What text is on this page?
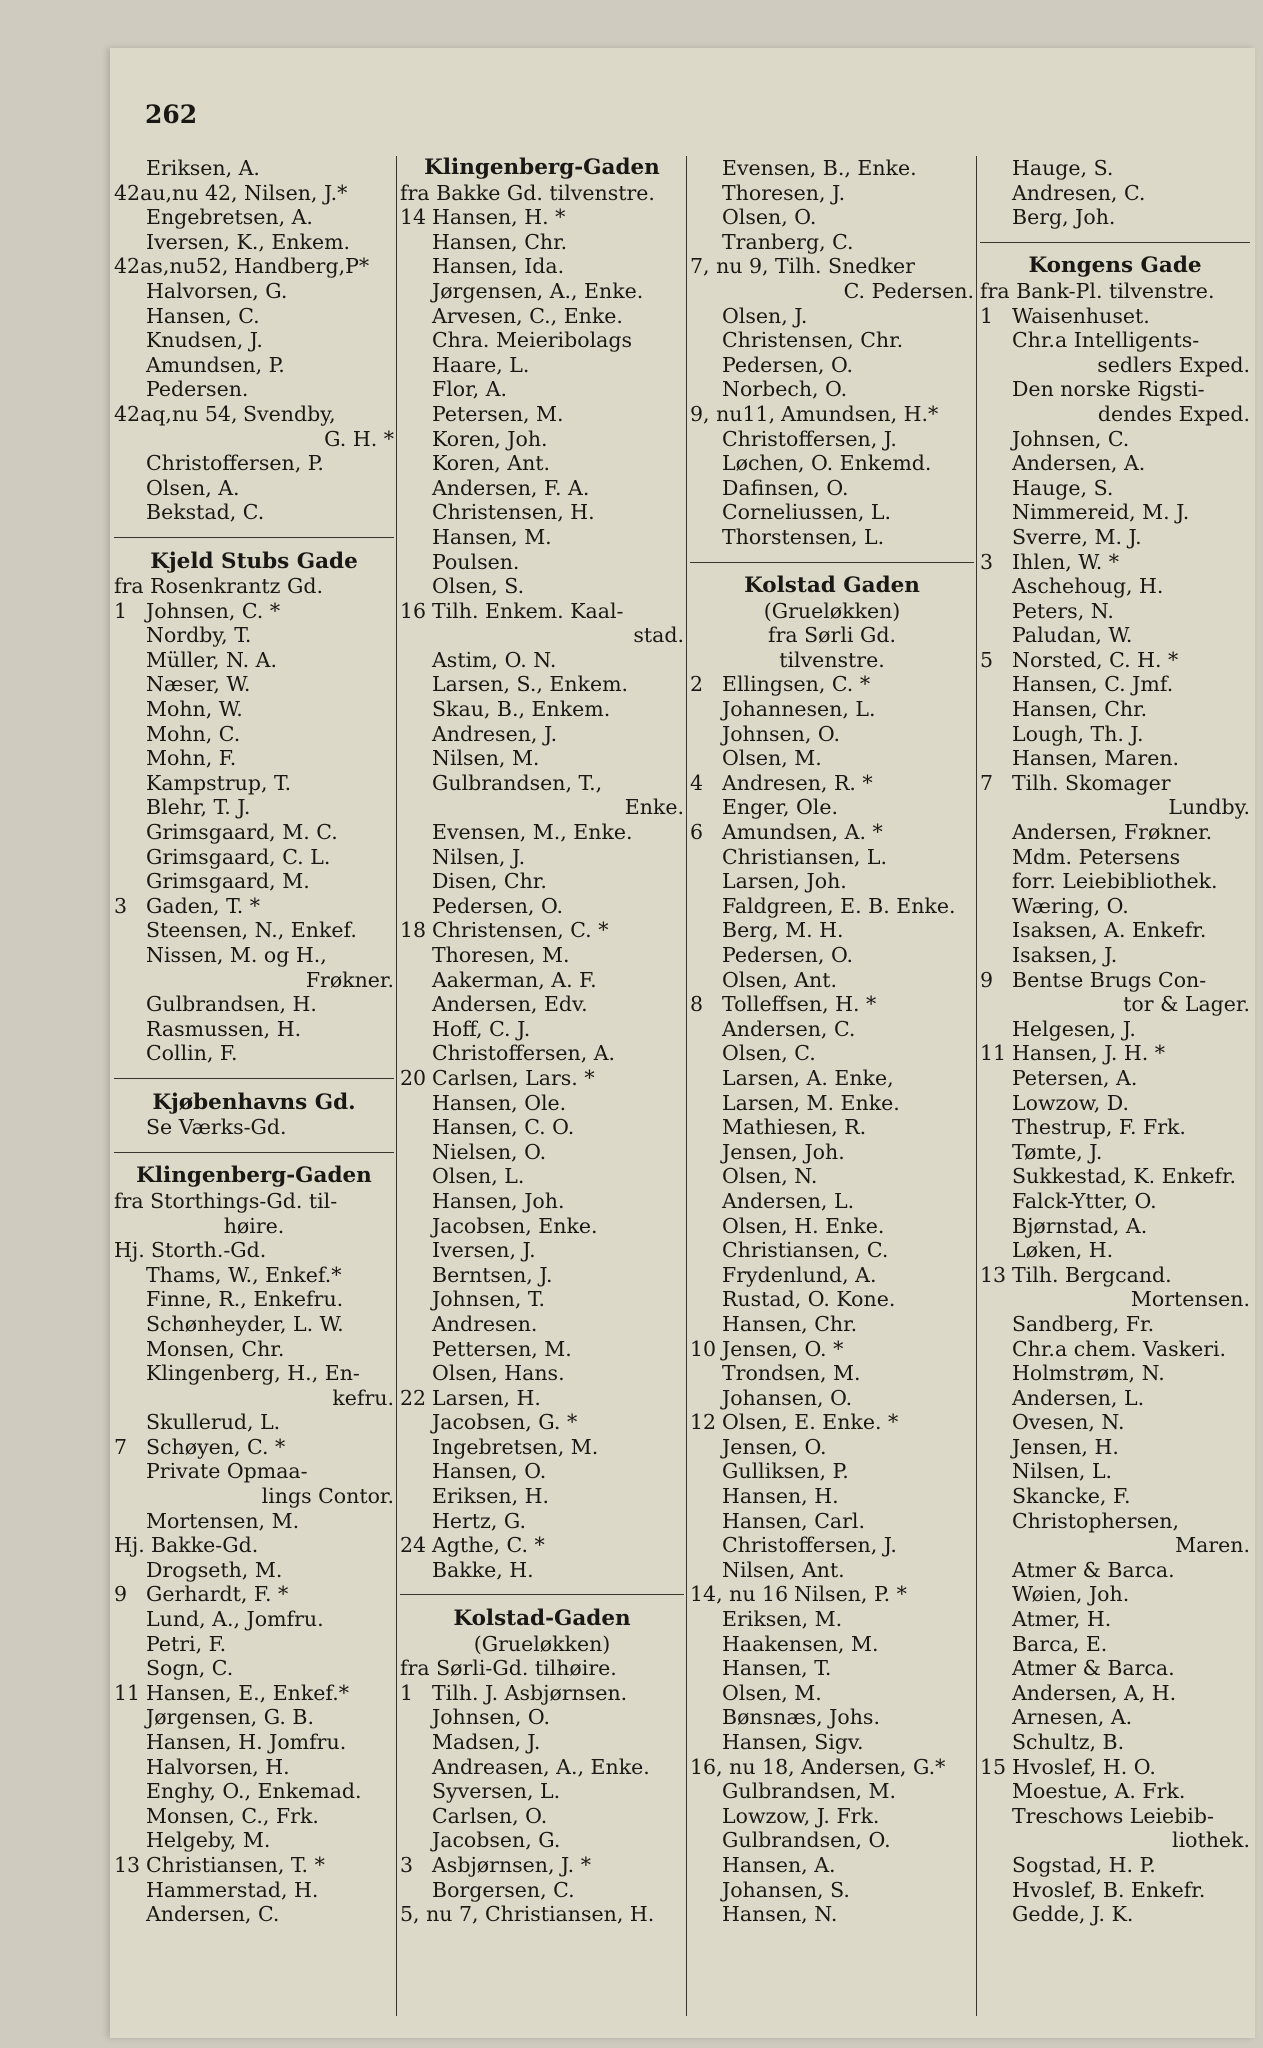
262
Eriksen, A.
42au,nu 42, Nilsen, J.*
Engebretsen, A.
Iversen, K., Enkem.
42as,nu52, Handberg,P*
Halvorsen, G.
Hansen, C.
Knudsen, J.
Amundsen, P.
Pedersen.
42aq,nu 54, Svendby,
G. H. *
Christoffersen, P.
Olsen, A.
Bekstad, C.
Kjeld Stubs Gade
fra Rosenkrantz Gd.
1 Johnsen, C. *
Nordby, T.
Müller, N. A.
Næser, W.
Mohn, W.
Mohn, C.
Mohn, F.
Kampstrup, T.
Blehr, T. J.
Grimsgaard, M. C.
Grimsgaard, C. L.
Grimsgaard, M.
3 Gaden, T. *
Steensen, N., Enkef.
Nissen, M. og H.,
Frøkner.
Gulbrandsen, H.
Rasmussen, H.
Collin, F.
Kjøbenhavns Gd.
Se Værks-Gd.
Klingenberg-Gaden
fra Storthings-Gd. til-
høire.
Hj. Storth.-Gd.
Thams, W., Enkef.*
Finne, R., Enkefru.
Schønheyder, L. W.
Monsen, Chr.
Klingenberg, H., En-
kefru.
Skullerud, L.
7 Schøyen, C. *
Private Opmaa-
lings Contor.
Mortensen, M.
Hj. Bakke-Gd.
Drogseth, M.
9 Gerhardt, F. *
Lund, A., Jomfru.
Petri, F.
Sogn, C.
11 Hansen, E., Enkef.*
Jørgensen, G. B.
Hansen, H. Jomfru.
Halvorsen, H.
Enghy, O., Enkemad.
Monsen, C., Frk.
Helgeby, M.
13 Christiansen, T. *
Hammerstad, H.
Andersen, C.
Klingenberg-Gaden
fra Bakke Gd. tilvenstre.
14 Hansen, H. *
Hansen, Chr.
Hansen, Ida.
Jørgensen, A., Enke.
Arvesen, C., Enke.
Chra. Meieribolags
Haare, L.
Flor, A.
Petersen, M.
Koren, Joh.
Koren, Ant.
Andersen, F. A.
Christensen, H.
Hansen, M.
Poulsen.
Olsen, S.
16 Tilh. Enkem. Kaal-
stad.
Astim, O. N.
Larsen, S., Enkem.
Skau, B., Enkem.
Andresen, J.
Nilsen, M.
Gulbrandsen, T.,
Enke.
Evensen, M., Enke.
Nilsen, J.
Disen, Chr.
Pedersen, O.
18 Christensen, C. *
Thoresen, M.
Aakerman, A. F.
Andersen, Edv.
Hoff, C. J.
Christoffersen, A.
20 Carlsen, Lars. *
Hansen, Ole.
Hansen, C. O.
Nielsen, O.
Olsen, L.
Hansen, Joh.
Jacobsen, Enke.
Iversen, J.
Berntsen, J.
Johnsen, T.
Andresen.
Pettersen, M.
Olsen, Hans.
22 Larsen, H.
Jacobsen, G. *
Ingebretsen, M.
Hansen, O.
Eriksen, H.
Hertz, G.
24 Agthe, C. *
Bakke, H.
Kolstad-Gaden
(Grueløkken)
fra Sørli-Gd. tilhøire.
1 Tilh. J. Asbjørnsen.
Johnsen, O.
Madsen, J.
Andreasen, A., Enke.
Syversen, L.
Carlsen, O.
Jacobsen, G.
3 Asbjørnsen, J. *
Borgersen, C.
5, nu 7, Christiansen, H.
Evensen, B., Enke.
Thoresen, J.
Olsen, O.
Tranberg, C.
7, nu 9, Tilh. Snedker
C. Pedersen.
Olsen, J.
Christensen, Chr.
Pedersen, O.
Norbech, O.
9, nu11, Amundsen, H.*
Christoffersen, J.
Løchen, O. Enkemd.
Dafinsen, O.
Corneliussen, L.
Thorstensen, L.
Kolstad Gaden
(Grueløkken)
fra Sørli Gd.
tilvenstre.
2 Ellingsen, C. *
Johannesen, L.
Johnsen, O.
Olsen, M.
4 Andresen, R. *
Enger, Ole.
6 Amundsen, A. *
Christiansen, L.
Larsen, Joh.
Faldgreen, E. B. Enke.
Berg, M. H.
Pedersen, O.
Olsen, Ant.
8 Tolleffsen, H. *
Andersen, C.
Olsen, C.
Larsen, A. Enke,
Larsen, M. Enke.
Mathiesen, R.
Jensen, Joh.
Olsen, N.
Andersen, L.
Olsen, H. Enke.
Christiansen, C.
Frydenlund, A.
Rustad, O. Kone.
Hansen, Chr.
10 Jensen, O. *
Trondsen, M.
Johansen, O.
12 Olsen, E. Enke. *
Jensen, O.
Gulliksen, P.
Hansen, H.
Hansen, Carl.
Christoffersen, J.
Nilsen, Ant.
14, nu 16 Nilsen, P. *
Eriksen, M.
Haakensen, M.
Hansen, T.
Olsen, M.
Bønsnæs, Johs.
Hansen, Sigv.
16, nu 18, Andersen, G.*
Gulbrandsen, M.
Lowzow, J. Frk.
Gulbrandsen, O.
Hansen, A.
Johansen, S.
Hansen, N.
Hauge, S.
Andresen, C.
Berg, Joh.
Kongens Gade
fra Bank-Pl. tilvenstre.
1 Waisenhuset.
Chr.a Intelligents-
sedlers Exped.
Den norske Rigsti-
dendes Exped.
Johnsen, C.
Andersen, A.
Hauge, S.
Nimmereid, M. J.
Sverre, M. J.
3 Ihlen, W. *
Aschehoug, H.
Peters, N.
Paludan, W.
5 Norsted, C. H. *
Hansen, C. Jmf.
Hansen, Chr.
Lough, Th. J.
Hansen, Maren.
7 Tilh. Skomager
Lundby.
Andersen, Frøkner.
Mdm. Petersens
forr. Leiebibliothek.
Wæring, O.
Isaksen, A. Enkefr.
Isaksen, J.
9 Bentse Brugs Con-
tor & Lager.
Helgesen, J.
11 Hansen, J. H. *
Petersen, A.
Lowzow, D.
Thestrup, F. Frk.
Tømte, J.
Sukkestad, K. Enkefr.
Falck-Ytter, O.
Bjørnstad, A.
Løken, H.
13 Tilh. Bergcand.
Mortensen.
Sandberg, Fr.
Chr.a chem. Vaskeri.
Holmstrøm, N.
Andersen, L.
Ovesen, N.
Jensen, H.
Nilsen, L.
Skancke, F.
Christophersen,
Maren.
Atmer & Barca.
Wøien, Joh.
Atmer, H.
Barca, E.
Atmer & Barca.
Andersen, A, H.
Arnesen, A.
Schultz, B.
15 Hvoslef, H. O.
Moestue, A. Frk.
Treschows Leiebib-
liothek.
Sogstad, H. P.
Hvoslef, B. Enkefr.
Gedde, J. K.
